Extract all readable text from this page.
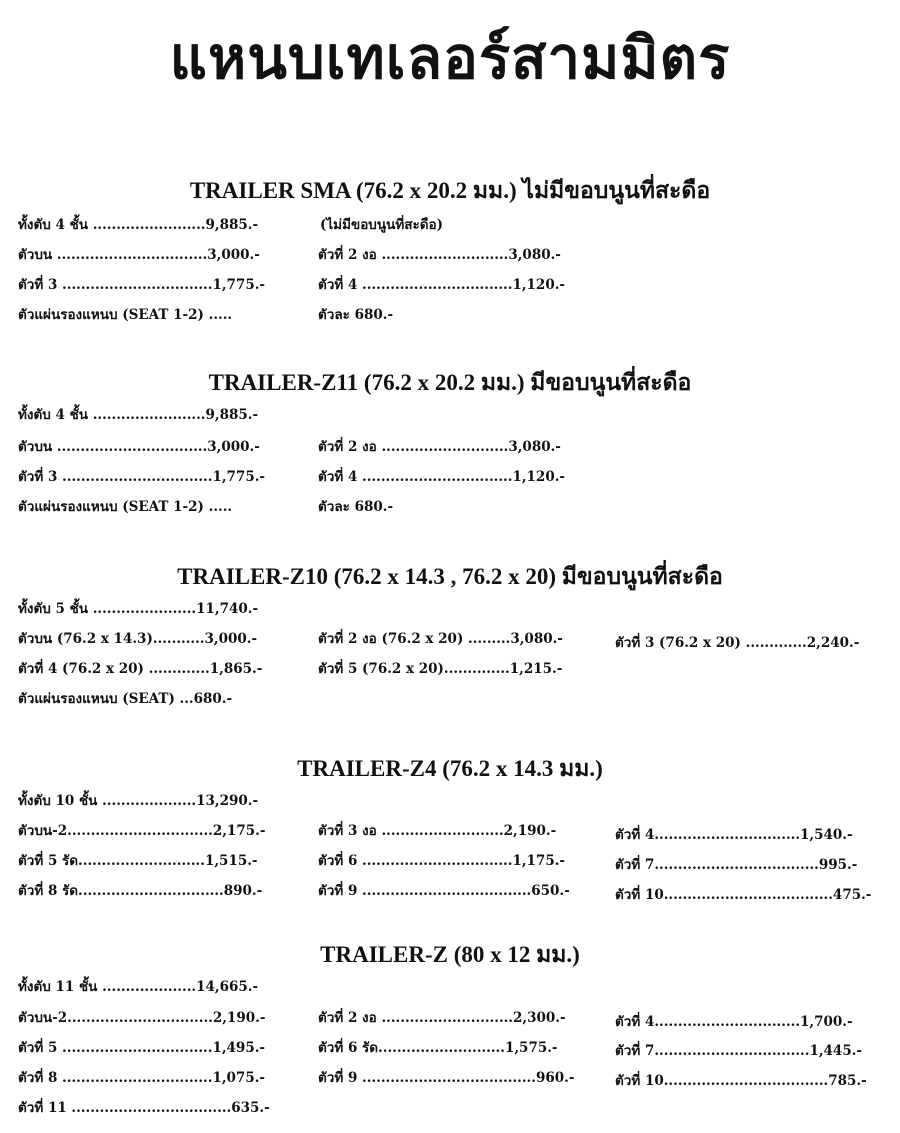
แหนบเทเลอร์สามมิตร
TRAILER SMA (76.2 x 20.2 มม.) ไม่มีขอบนูนที่สะดือ
ทั้งตับ 4 ชั้น ........................9,885.-	(ไม่มีขอบนูนที่สะดือ)
ตัวบน ................................3,000.-	ตัวที่ 2 งอ ...........................3,080.-
ตัวที่ 3 ................................1,775.-	ตัวที่ 4 ................................1,120.-
ตัวแผ่นรองแหนบ (SEAT 1-2) .....	ตัวละ 680.-
TRAILER-Z11 (76.2 x 20.2 มม.) มีขอบนูนที่สะดือ
ทั้งตับ 4 ชั้น ........................9,885.-
ตัวบน ................................3,000.-	ตัวที่ 2 งอ ...........................3,080.-
ตัวที่ 3 ................................1,775.-	ตัวที่ 4 ................................1,120.-
ตัวแผ่นรองแหนบ (SEAT 1-2) .....	ตัวละ 680.-
TRAILER-Z10 (76.2 x 14.3 , 76.2 x 20) มีขอบนูนที่สะดือ
ทั้งตับ 5 ชั้น ......................11,740.-
ตัวบน (76.2 x 14.3)...........3,000.-	ตัวที่ 2 งอ (76.2 x 20) .........3,080.-	ตัวที่ 3 (76.2 x 20) .............2,240.-
ตัวที่ 4 (76.2 x 20) .............1,865.-	ตัวที่ 5 (76.2 x 20)..............1,215.-
ตัวแผ่นรองแหนบ (SEAT) ...680.-
TRAILER-Z4 (76.2 x 14.3 มม.)
ทั้งตับ 10 ชั้น ....................13,290.-
ตัวบน-2...............................2,175.-	ตัวที่ 3 งอ ..........................2,190.-	ตัวที่ 4...............................1,540.-
ตัวที่ 5 รัด...........................1,515.-	ตัวที่ 6 ................................1,175.-	ตัวที่ 7...................................995.-
ตัวที่ 8 รัด...............................890.-	ตัวที่ 9 ....................................650.-	ตัวที่ 10....................................475.-
TRAILER-Z (80 x 12 มม.)
ทั้งตับ 11 ชั้น ....................14,665.-
ตัวบน-2...............................2,190.-	ตัวที่ 2 งอ ............................2,300.-	ตัวที่ 4...............................1,700.-
ตัวที่ 5 ................................1,495.-	ตัวที่ 6 รัด...........................1,575.-	ตัวที่ 7.................................1,445.-
ตัวที่ 8 ................................1,075.-	ตัวที่ 9 .....................................960.-	ตัวที่ 10...................................785.-
ตัวที่ 11 ..................................635.-
